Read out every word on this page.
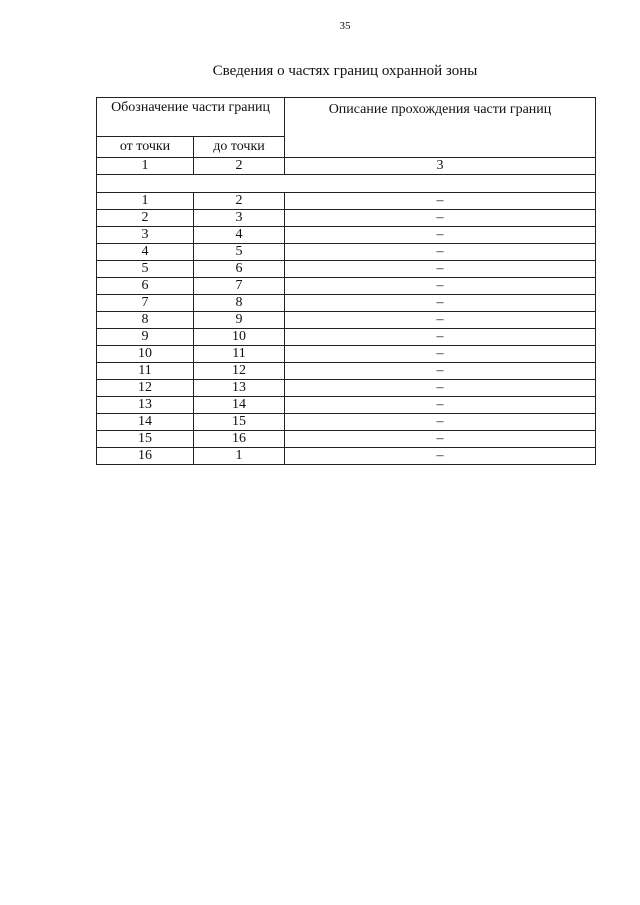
35
Сведения о частях границ охранной зоны
Обозначение части границ		Описание прохождения части границ
от точки	до точки	
1	2	3

1	2	–
2	3	–
3	4	–
4	5	–
5	6	–
6	7	–
7	8	–
8	9	–
9	10	–
10	11	–
11	12	–
12	13	–
13	14	–
14	15	–
15	16	–
16	1	–
